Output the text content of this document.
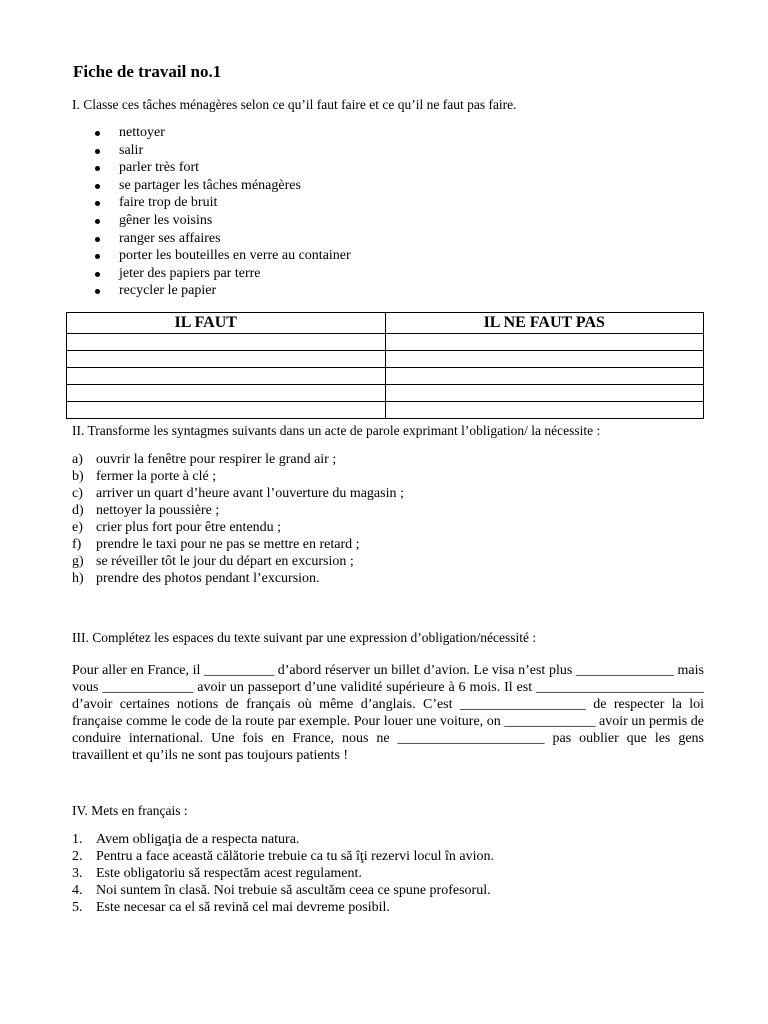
Fiche de travail no.1

I. Classe ces tâches ménagères selon ce qu’il faut faire et ce qu’il ne faut pas faire.

nettoyer
salir
parler très fort
se partager les tâches ménagères
faire trop de bruit
gêner les voisins
ranger ses affaires
porter les bouteilles en verre au container
jeter des papiers par terre
recycler le papier
IL FAUT	IL NE FAUT PAS

II. Transforme les syntagmes suivants dans un acte de parole exprimant l’obligation/ la nécessite :

a) ouvrir la fenêtre pour respirer le grand air ;
b) fermer la porte à clé ;
c) arriver un quart d’heure avant l’ouverture du magasin ;
d) nettoyer la poussière ;
e) crier plus fort pour être entendu ;
f)	prendre le taxi pour ne pas se mettre en retard ;
g) se réveiller tôt le jour du départ en excursion ;
h) prendre des photos pendant l’excursion.

III. Complétez les espaces du texte suivant par une expression d’obligation/nécessité :

Pour aller en France, il __________ d’abord réserver un billet d’avion. Le visa n’est plus ______________ mais vous _____________ avoir un passeport d’une validité supérieure à 6 mois. Il est ________________________ d’avoir certaines notions de français où même d’anglais. C’est __________________ de respecter la loi française comme le code de la route par exemple. Pour louer une voiture, on _____________ avoir un permis de conduire international. Une fois en France, nous ne _____________________ pas oublier que les gens travaillent et qu’ils ne sont pas toujours patients !

IV. Mets en français :

1. Avem obligaţia de a respecta natura.
2. Pentru a face această călătorie trebuie ca tu să îţi rezervi locul în avion.
3. Este obligatoriu să respectăm acest regulament.
4. Noi suntem în clasă. Noi trebuie să ascultăm ceea ce spune profesorul.
5. Este necesar ca el să revină cel mai devreme posibil.
